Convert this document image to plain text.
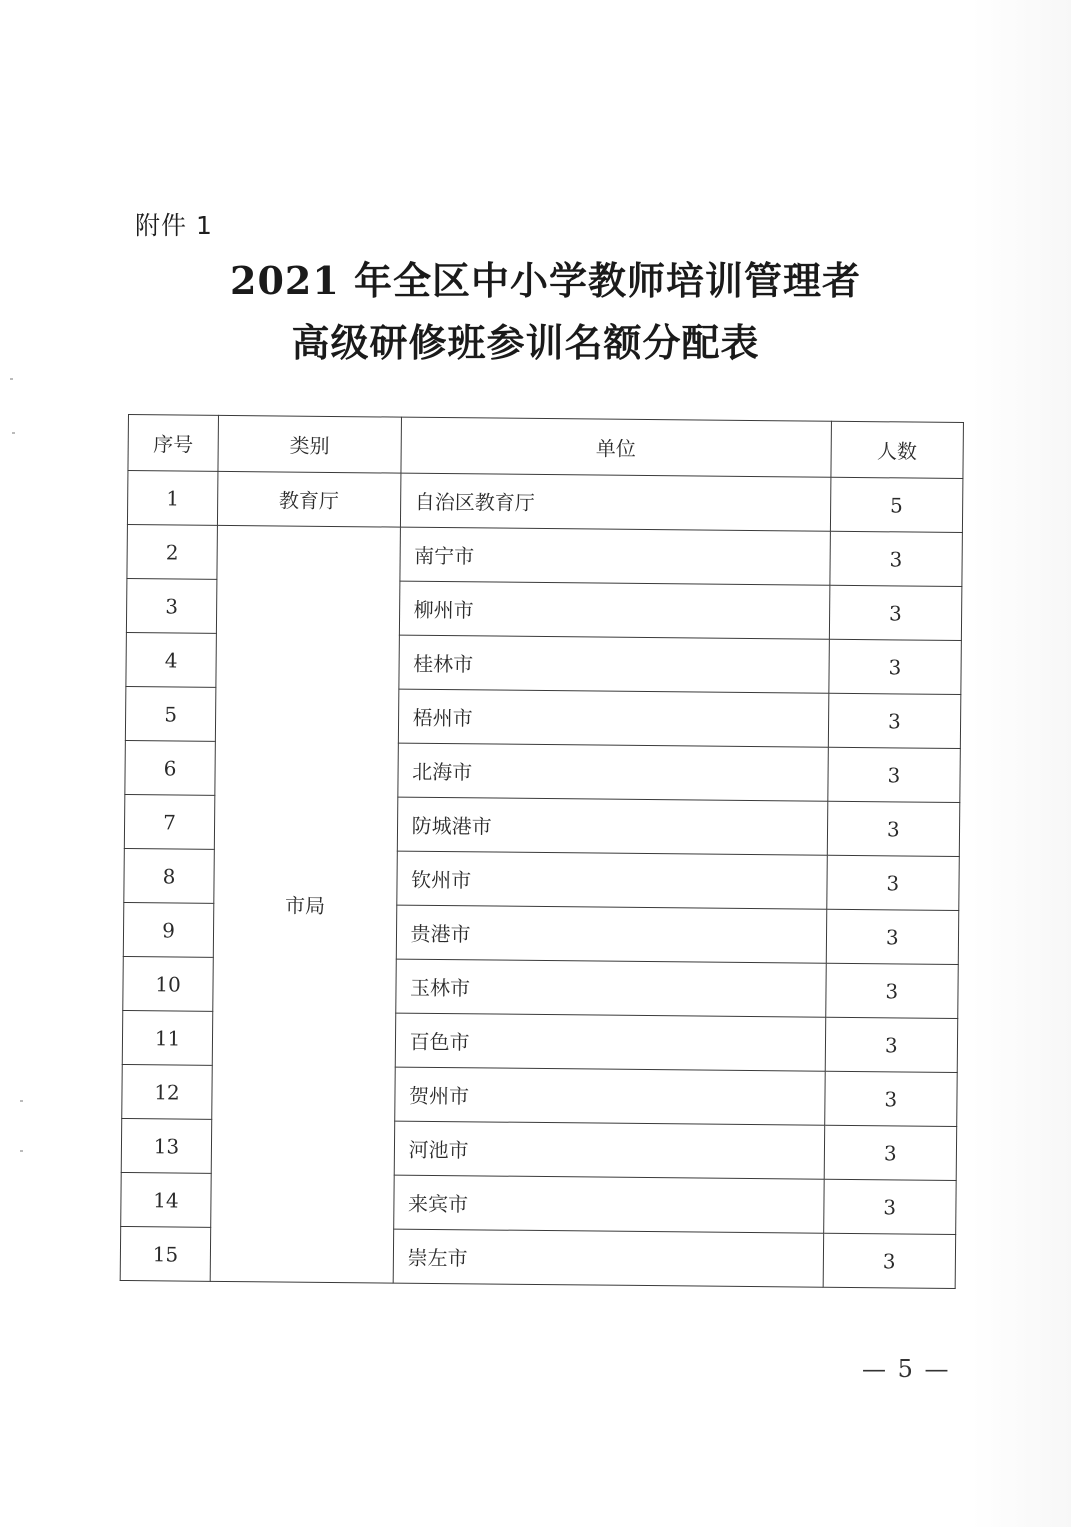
附件 1
2021 年全区中小学教师培训管理者
高级研修班参训名额分配表
序号	类别	单位	人数
1	教育厅	自治区教育厅	5
2	市局	南宁市	3
3		柳州市	3
4		桂林市	3
5		梧州市	3
6		北海市	3
7		防城港市	3
8		钦州市	3
9		贵港市	3
10		玉林市	3
11		百色市	3
12		贺州市	3
13		河池市	3
14		来宾市	3
15		崇左市	3
— 5 —
